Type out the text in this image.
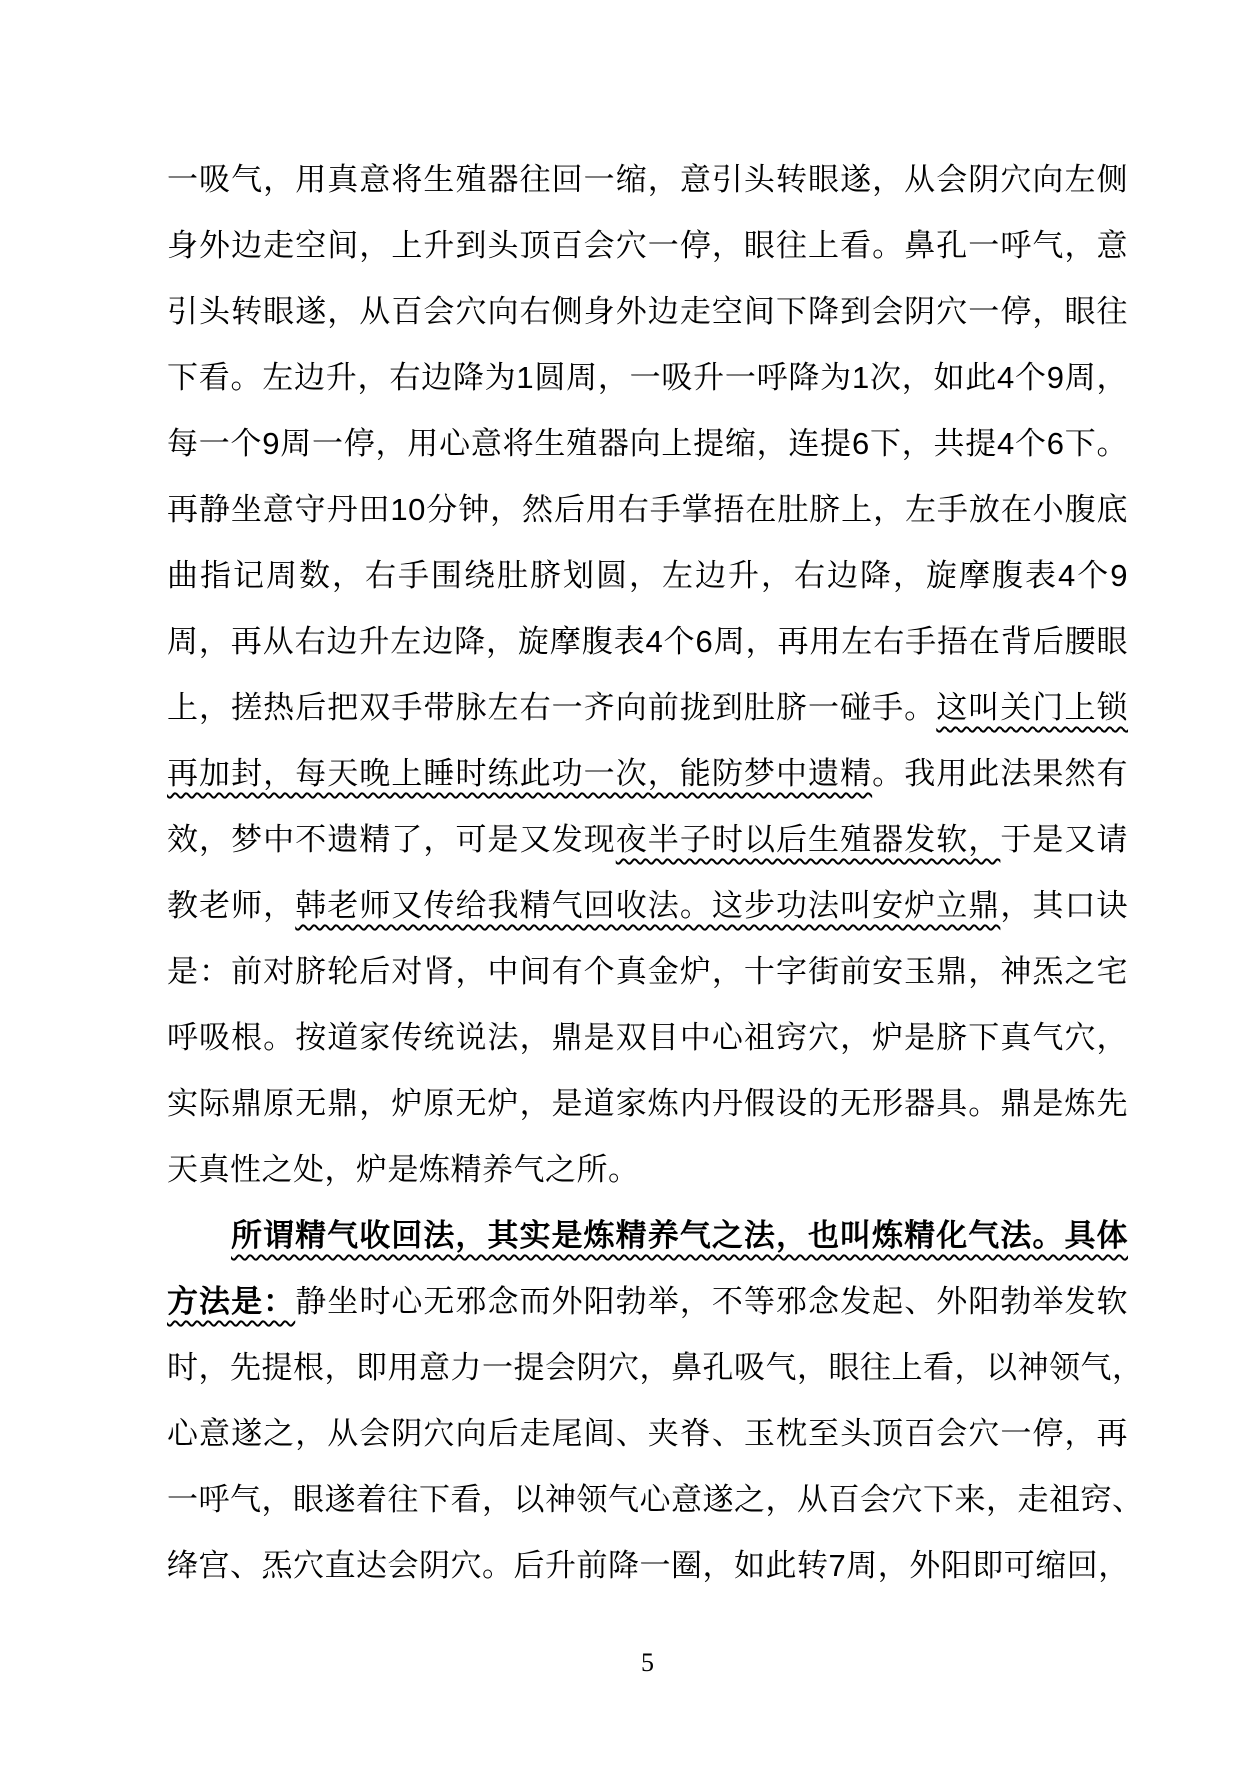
一吸气，用真意将生殖器往回一缩，意引头转眼遂，从会阴穴向左侧
身外边走空间，上升到头顶百会穴一停，眼往上看。鼻孔一呼气，意
引头转眼遂，从百会穴向右侧身外边走空间下降到会阴穴一停，眼往
下看。左边升，右边降为1圆周，一吸升一呼降为1次，如此4个9周，
每一个9周一停，用心意将生殖器向上提缩，连提6下，共提4个6下。
再静坐意守丹田10分钟，然后用右手掌捂在肚脐上，左手放在小腹底
曲指记周数，右手围绕肚脐划圆，左边升，右边降，旋摩腹表4个9
周，再从右边升左边降，旋摩腹表4个6周，再用左右手捂在背后腰眼
上，搓热后把双手带脉左右一齐向前拢到肚脐一碰手。这叫关门上锁
再加封，每天晚上睡时练此功一次，能防梦中遗精。我用此法果然有
效，梦中不遗精了，可是又发现夜半子时以后生殖器发软，于是又请
教老师，韩老师又传给我精气回收法。这步功法叫安炉立鼎，其口诀
是：前对脐轮后对肾，中间有个真金炉，十字街前安玉鼎，神炁之宅
呼吸根。按道家传统说法，鼎是双目中心祖窍穴，炉是脐下真气穴，
实际鼎原无鼎，炉原无炉，是道家炼内丹假设的无形器具。鼎是炼先
天真性之处，炉是炼精养气之所。
所谓精气收回法，其实是炼精养气之法，也叫炼精化气法。具体
方法是：静坐时心无邪念而外阳勃举，不等邪念发起、外阳勃举发软
时，先提根，即用意力一提会阴穴，鼻孔吸气，眼往上看，以神领气，
心意遂之，从会阴穴向后走尾闾、夹脊、玉枕至头顶百会穴一停，再
一呼气，眼遂着往下看，以神领气心意遂之，从百会穴下来，走祖窍、
绛宫、炁穴直达会阴穴。后升前降一圈，如此转7周，外阳即可缩回，
5
